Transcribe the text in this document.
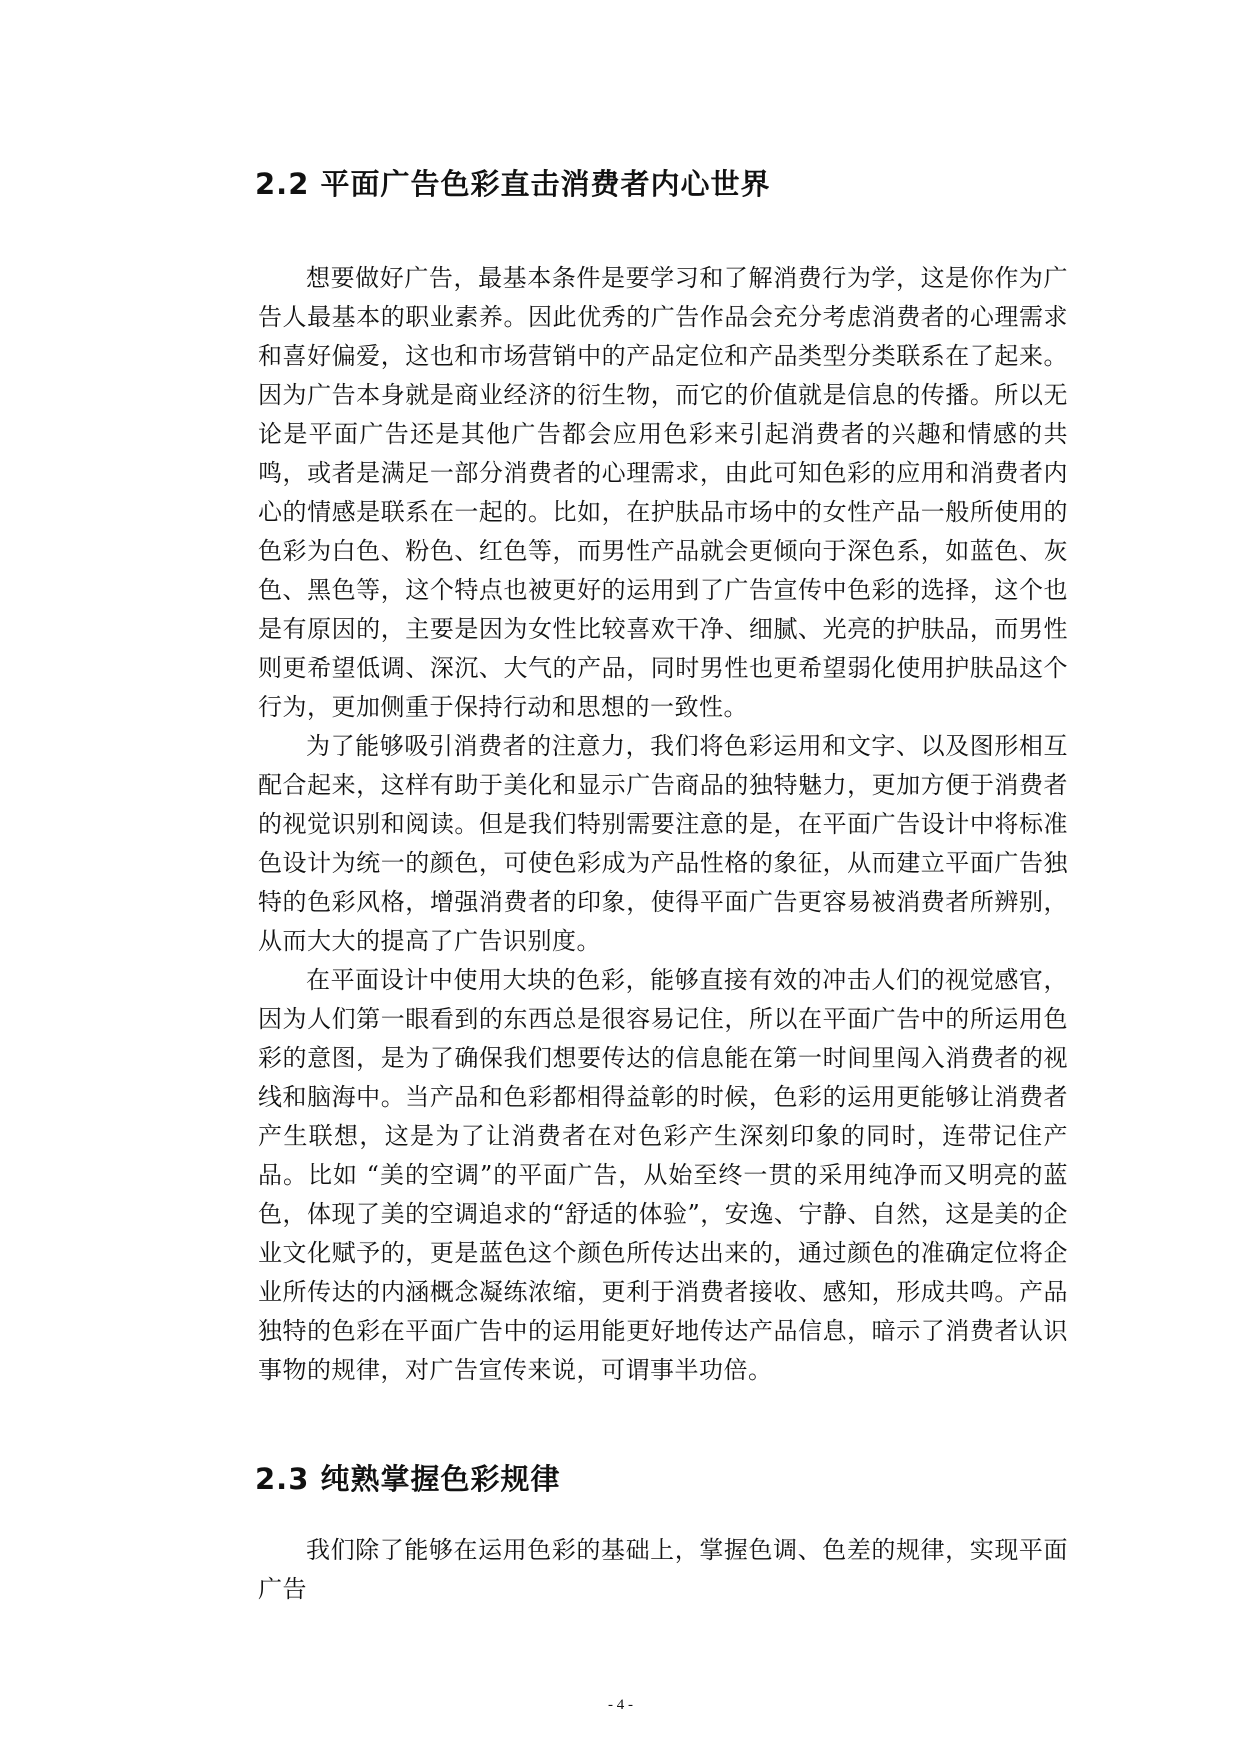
2.2 平面广告色彩直击消费者内心世界

想要做好广告，最基本条件是要学习和了解消费行为学，这是你作为广告人最基本的职业素养。因此优秀的广告作品会充分考虑消费者的心理需求和喜好偏爱，这也和市场营销中的产品定位和产品类型分类联系在了起来。因为广告本身就是商业经济的衍生物，而它的价值就是信息的传播。所以无论是平面广告还是其他广告都会应用色彩来引起消费者的兴趣和情感的共鸣，或者是满足一部分消费者的心理需求，由此可知色彩的应用和消费者内心的情感是联系在一起的。比如，在护肤品市场中的女性产品一般所使用的色彩为白色、粉色、红色等，而男性产品就会更倾向于深色系，如蓝色、灰色、黑色等，这个特点也被更好的运用到了广告宣传中色彩的选择，这个也是有原因的，主要是因为女性比较喜欢干净、细腻、光亮的护肤品，而男性则更希望低调、深沉、大气的产品，同时男性也更希望弱化使用护肤品这个行为，更加侧重于保持行动和思想的一致性。

为了能够吸引消费者的注意力，我们将色彩运用和文字、以及图形相互配合起来，这样有助于美化和显示广告商品的独特魅力，更加方便于消费者的视觉识别和阅读。但是我们特别需要注意的是，在平面广告设计中将标准色设计为统一的颜色，可使色彩成为产品性格的象征，从而建立平面广告独特的色彩风格，增强消费者的印象，使得平面广告更容易被消费者所辨别，从而大大的提高了广告识别度。

在平面设计中使用大块的色彩，能够直接有效的冲击人们的视觉感官，因为人们第一眼看到的东西总是很容易记住，所以在平面广告中的所运用色彩的意图，是为了确保我们想要传达的信息能在第一时间里闯入消费者的视线和脑海中。当产品和色彩都相得益彰的时候，色彩的运用更能够让消费者产生联想，这是为了让消费者在对色彩产生深刻印象的同时，连带记住产品。比如 “美的空调”的平面广告，从始至终一贯的采用纯净而又明亮的蓝色，体现了美的空调追求的“舒适的体验”，安逸、宁静、自然，这是美的企业文化赋予的，更是蓝色这个颜色所传达出来的，通过颜色的准确定位将企业所传达的内涵概念凝练浓缩，更利于消费者接收、感知，形成共鸣。产品独特的色彩在平面广告中的运用能更好地传达产品信息，暗示了消费者认识事物的规律，对广告宣传来说，可谓事半功倍。

2.3 纯熟掌握色彩规律

我们除了能够在运用色彩的基础上，掌握色调、色差的规律，实现平面广告

- 4 -
